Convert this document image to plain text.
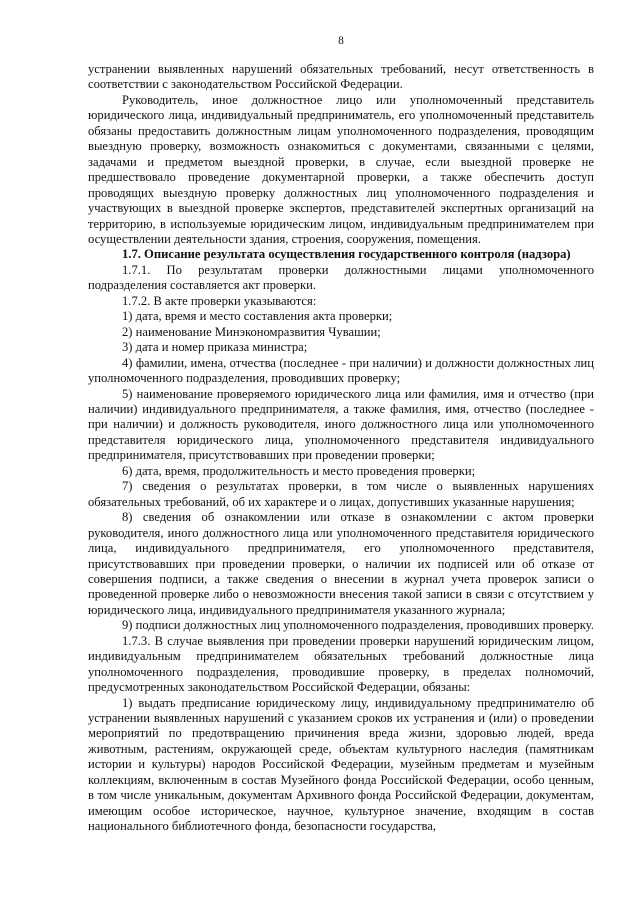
8

устранении выявленных нарушений обязательных требований, несут ответственность в соответствии с законодательством Российской Федерации.

Руководитель, иное должностное лицо или уполномоченный представитель юридического лица, индивидуальный предприниматель, его уполномоченный представитель обязаны предоставить должностным лицам уполномоченного подразделения, проводящим выездную проверку, возможность ознакомиться с документами, связанными с целями, задачами и предметом выездной проверки, в случае, если выездной проверке не предшествовало проведение документарной проверки, а также обеспечить доступ проводящих выездную проверку должностных лиц уполномоченного подразделения и участвующих в выездной проверке экспертов, представителей экспертных организаций на территорию, в используемые юридическим лицом, индивидуальным предпринимателем при осуществлении деятельности здания, строения, сооружения, помещения.

1.7. Описание результата осуществления государственного контроля (надзора)

1.7.1. По результатам проверки должностными лицами уполномоченного подразделения составляется акт проверки.

1.7.2. В акте проверки указываются:

1) дата, время и место составления акта проверки;

2) наименование Минэкономразвития Чувашии;

3) дата и номер приказа министра;

4) фамилии, имена, отчества (последнее - при наличии) и должности должностных лиц уполномоченного подразделения, проводивших проверку;

5) наименование проверяемого юридического лица или фамилия, имя и отчество (при наличии) индивидуального предпринимателя, а также фамилия, имя, отчество (последнее - при наличии) и должность руководителя, иного должностного лица или уполномоченного представителя юридического лица, уполномоченного представителя индивидуального предпринимателя, присутствовавших при проведении проверки;

6) дата, время, продолжительность и место проведения проверки;

7) сведения о результатах проверки, в том числе о выявленных нарушениях обязательных требований, об их характере и о лицах, допустивших указанные нарушения;

8) сведения об ознакомлении или отказе в ознакомлении с актом проверки руководителя, иного должностного лица или уполномоченного представителя юридического лица, индивидуального предпринимателя, его уполномоченного представителя, присутствовавших при проведении проверки, о наличии их подписей или об отказе от совершения подписи, а также сведения о внесении в журнал учета проверок записи о проведенной проверке либо о невозможности внесения такой записи в связи с отсутствием у юридического лица, индивидуального предпринимателя указанного журнала;

9) подписи должностных лиц уполномоченного подразделения, проводивших проверку.

1.7.3. В случае выявления при проведении проверки нарушений юридическим лицом, индивидуальным предпринимателем обязательных требований должностные лица уполномоченного подразделения, проводившие проверку, в пределах полномочий, предусмотренных законодательством Российской Федерации, обязаны:

1) выдать предписание юридическому лицу, индивидуальному предпринимателю об устранении выявленных нарушений с указанием сроков их устранения и (или) о проведении мероприятий по предотвращению причинения вреда жизни, здоровью людей, вреда животным, растениям, окружающей среде, объектам культурного наследия (памятникам истории и культуры) народов Российской Федерации, музейным предметам и музейным коллекциям, включенным в состав Музейного фонда Российской Федерации, особо ценным, в том числе уникальным, документам Архивного фонда Российской Федерации, документам, имеющим особое историческое, научное, культурное значение, входящим в состав национального библиотечного фонда, безопасности государства,
